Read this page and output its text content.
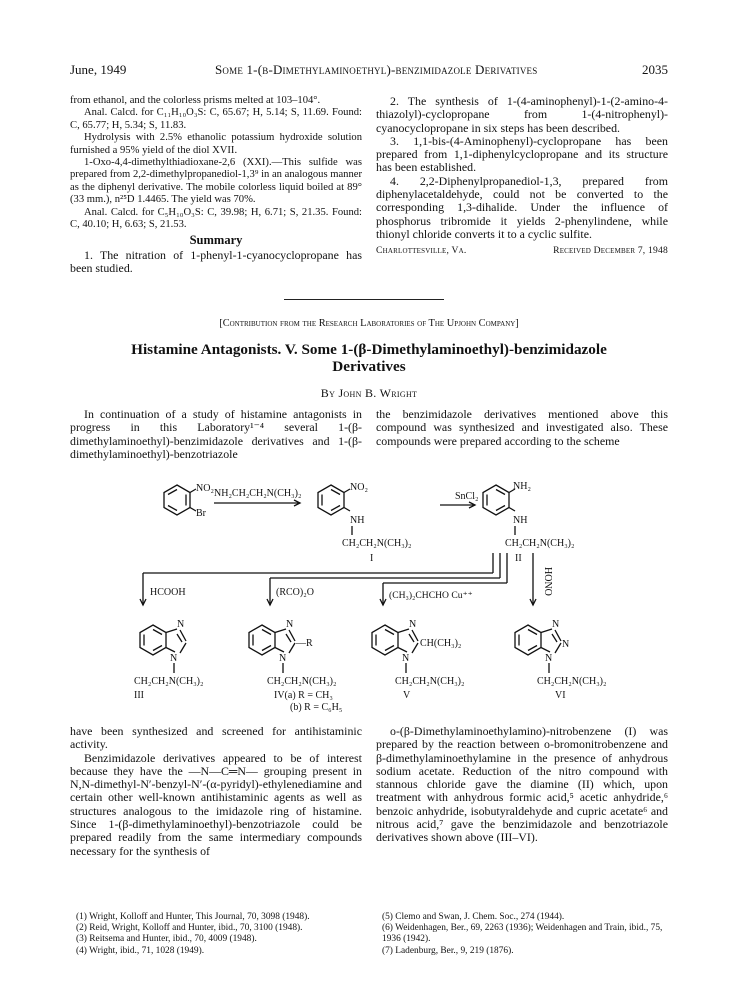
June, 1949	Some 1-(β-Dimethylaminoethyl)-benzimidazole Derivatives	2035

from ethanol, and the colorless prisms melted at 103–104°.

Anal. Calcd. for C₁₁H₁₀O₃S: C, 65.67; H, 5.14; S, 11.69. Found: C, 65.77; H, 5.34; S, 11.83.

Hydrolysis with 2.5% ethanolic potassium hydroxide solution furnished a 95% yield of the diol XVII.

1-Oxo-4,4-dimethylthiadioxane-2,6 (XXI).—This sulfide was prepared from 2,2-dimethylpropanediol-1,3⁹ in an analogous manner as the diphenyl derivative. The mobile colorless liquid boiled at 89° (33 mm.), n²⁵D 1.4465. The yield was 70%.

Anal. Calcd. for C₅H₁₀O₃S: C, 39.98; H, 6.71; S, 21.35. Found: C, 40.10; H, 6.63; S, 21.53.

Summary

1. The nitration of 1-phenyl-1-cyanocyclopropane has been studied.

2. The synthesis of 1-(4-aminophenyl)-1-(2-amino-4-thiazolyl)-cyclopropane from 1-(4-nitrophenyl)-cyanocyclopropane in six steps has been described.

3. 1,1-bis-(4-Aminophenyl)-cyclopropane has been prepared from 1,1-diphenylcyclopropane and its structure has been established.

4. 2,2-Diphenylpropanediol-1,3, prepared from diphenylacetaldehyde, could not be converted to the corresponding 1,3-dihalide. Under the influence of phosphorus tribromide it yields 2-phenylindene, while thionyl chloride converts it to a cyclic sulfite.

Charlottesville, Va.	Received December 7, 1948
[Contribution from the Research Laboratories of The Upjohn Company]
Histamine Antagonists. V. Some 1-(β-Dimethylaminoethyl)-benzimidazole
Derivatives
By John B. Wright

In continuation of a study of histamine antagonists in progress in this Laboratory¹⁻⁴ several 1-(β-dimethylaminoethyl)-benzimidazole derivatives and 1-(β-dimethylaminoethyl)-benzotriazole

the benzimidazole derivatives mentioned above this compound was synthesized and investigated also. These compounds were prepared according to the scheme

NO₂
Br
NH₂CH₂CH₂N(CH₃)₂
NO₂
NH
CH₂CH₂N(CH₃)₂
I
SnCl₂
NH₂
NH
CH₂CH₂N(CH₃)₂
II
HCOOH	(RCO)₂O	(CH₃)₂CHCHO Cu⁺⁺	HONO
N
N
CH₂CH₂N(CH₃)₂
III
N
N
—R
CH₂CH₂N(CH₃)₂
IV(a) R = CH₃
(b) R = C₆H₅
N
N
CH(CH₃)₂
CH₂CH₂N(CH₃)₂
V
N
N
N
CH₂CH₂N(CH₃)₂
VI

have been synthesized and screened for antihistaminic activity.

Benzimidazole derivatives appeared to be of interest because they have the —N—C═N— grouping present in N,N-dimethyl-N′-benzyl-N′-(α-pyridyl)-ethylenediamine and certain other well-known antihistaminic agents as well as structures analogous to the imidazole ring of histamine. Since 1-(β-dimethylaminoethyl)-benzotriazole could be prepared readily from the same intermediary compounds necessary for the synthesis of

o-(β-Dimethylaminoethylamino)-nitrobenzene (I) was prepared by the reaction between o-bromonitrobenzene and β-dimethylaminoethylamine in the presence of anhydrous sodium acetate. Reduction of the nitro compound with stannous chloride gave the diamine (II) which, upon treatment with anhydrous formic acid,⁵ acetic anhydride,⁶ benzoic anhydride, isobutyraldehyde and cupric acetate⁶ and nitrous acid,⁷ gave the benzimidazole and benzotriazole derivatives shown above (III–VI).

(1) Wright, Kolloff and Hunter, This Journal, 70, 3098 (1948).
(2) Reid, Wright, Kolloff and Hunter, ibid., 70, 3100 (1948).
(3) Reitsema and Hunter, ibid., 70, 4009 (1948).
(4) Wright, ibid., 71, 1028 (1949).
(5) Clemo and Swan, J. Chem. Soc., 274 (1944).
(6) Weidenhagen, Ber., 69, 2263 (1936); Weidenhagen and Train, ibid., 75, 1936 (1942).
(7) Ladenburg, Ber., 9, 219 (1876).
